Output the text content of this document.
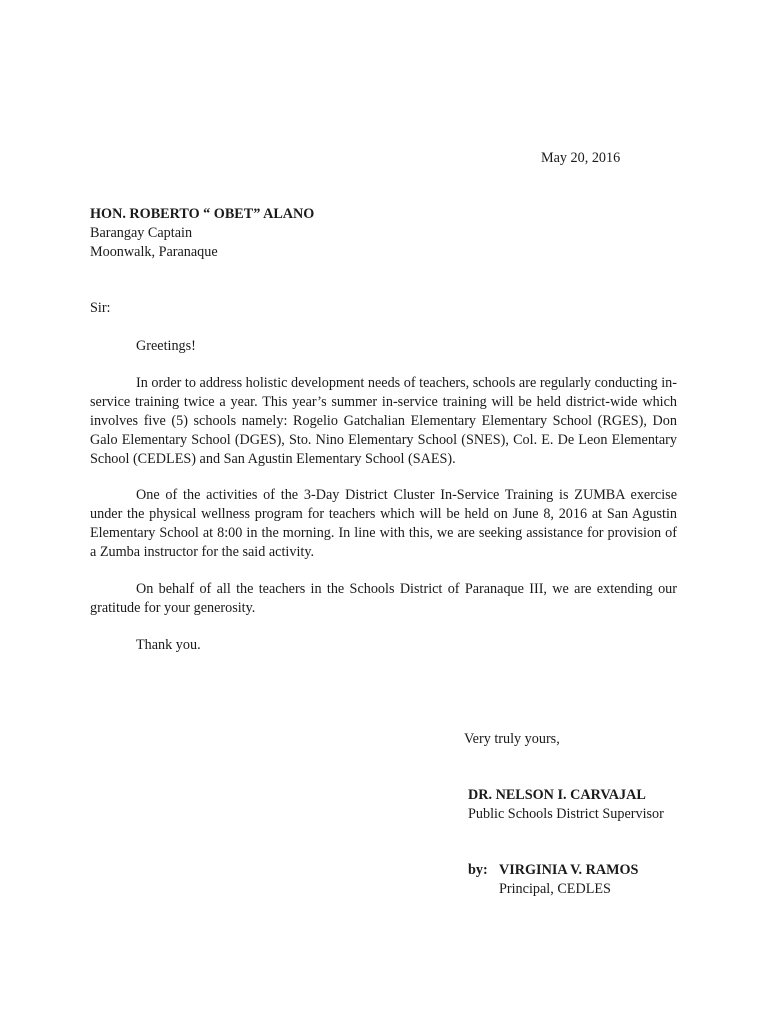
May 20, 2016
HON. ROBERTO “ OBET” ALANO
Barangay Captain
Moonwalk, Paranaque
Sir:
Greetings!
In order to address holistic development needs of teachers, schools are regularly conducting in-service training twice a year. This year’s summer in-service training will be held district-wide which involves five (5) schools namely: Rogelio Gatchalian Elementary Elementary School (RGES), Don Galo Elementary School (DGES), Sto. Nino Elementary School (SNES), Col. E. De Leon Elementary School (CEDLES) and San Agustin Elementary School (SAES).
One of the activities of the 3-Day District Cluster In-Service Training is ZUMBA exercise under the physical wellness program for teachers which will be held on June 8, 2016 at San Agustin Elementary School at 8:00 in the morning. In line with this, we are seeking assistance for provision of a Zumba instructor for the said activity.
On behalf of all the teachers in the Schools District of Paranaque III, we are extending our gratitude for your generosity.
Thank you.
Very truly yours,
DR. NELSON I. CARVAJAL
Public Schools District Supervisor
by: VIRGINIA V. RAMOS
Principal, CEDLES
